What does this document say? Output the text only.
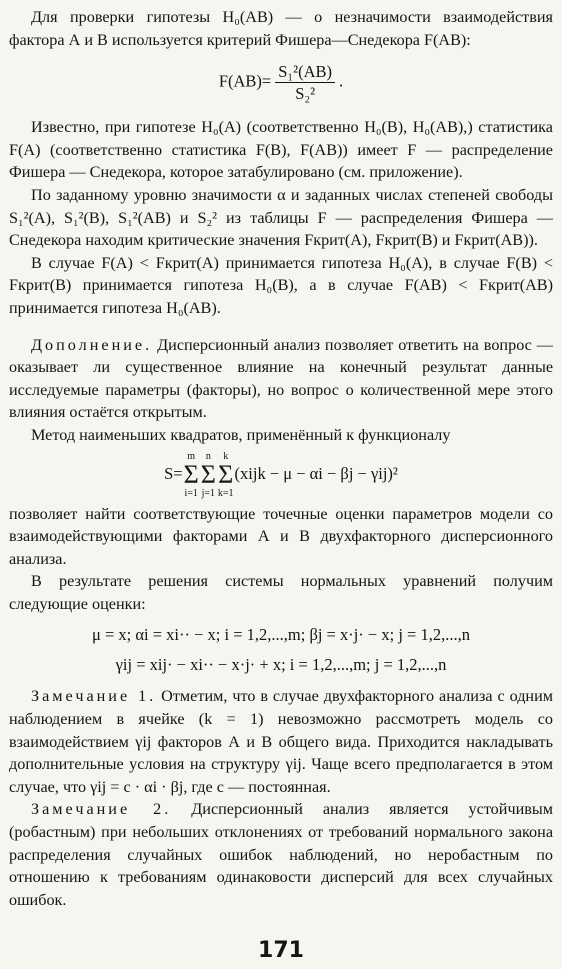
Для проверки гипотезы H₀(AB) — о незначимости взаимодействия фактора А и В используется критерий Фишера—Снедекора F(AB):

$F(AB)= \frac{\text{S₁²(AB)}}{\text{S₂²}}$ .

Известно, при гипотезе H₀(A) (соответственно H₀(B), H₀(AB),) статистика F(A) (соответственно статистика F(B), F(AB)) имеет F — распределение Фишера — Снедекора, которое затабулировано (см. приложение).

По заданному уровню значимости α и заданных числах степеней свободы S₁²(A), S₁²(B), S₁²(AB) и S₂² из таблицы F — распределения Фишера — Снедекора находим критические значения Fкрит(A), Fкрит(B) и Fкрит(AB)).

В случае F(A) < Fкрит(A) принимается гипотеза H₀(A), в случае F(B) < Fкрит(B) принимается гипотеза H₀(B), а в случае F(AB) < Fкрит(AB) принимается гипотеза H₀(AB).

Дополнение. Дисперсионный анализ позволяет ответить на вопрос — оказывает ли существенное влияние на конечный результат данные исследуемые параметры (факторы), но вопрос о количественной мере этого влияния остаётся открытым.

Метод наименьших квадратов, применённый к функционалу

S=
m
Σ
i=1
n
Σ
j=1
k
Σ
k=1
(xijk − μ − αi − βj − γij)²

позволяет найти соответствующие точечные оценки параметров модели со взаимодействующими факторами А и В двухфакторного дисперсионного анализа.

В результате решения системы нормальных уравнений получим следующие оценки:

μ = x; αi = xi·· − x; i = 1,2,...,m; βj = x·j· − x; j = 1,2,...,n
γij = xij· − xi·· − x·j· + x; i = 1,2,...,m; j = 1,2,...,n

Замечание 1. Отметим, что в случае двухфакторного анализа с одним наблюдением в ячейке (k = 1) невозможно рассмотреть модель со взаимодействием γij факторов А и В общего вида. Приходится накладывать дополнительные условия на структуру γij. Чаще всего предполагается в этом случае, что γij = c · αi · βj, где c — постоянная.

Замечание 2. Дисперсионный анализ является устойчивым (робастным) при небольших отклонениях от требований нормального закона распределения случайных ошибок наблюдений, но неробастным по отношению к требованиям одинаковости дисперсий для всех случайных ошибок.

171
